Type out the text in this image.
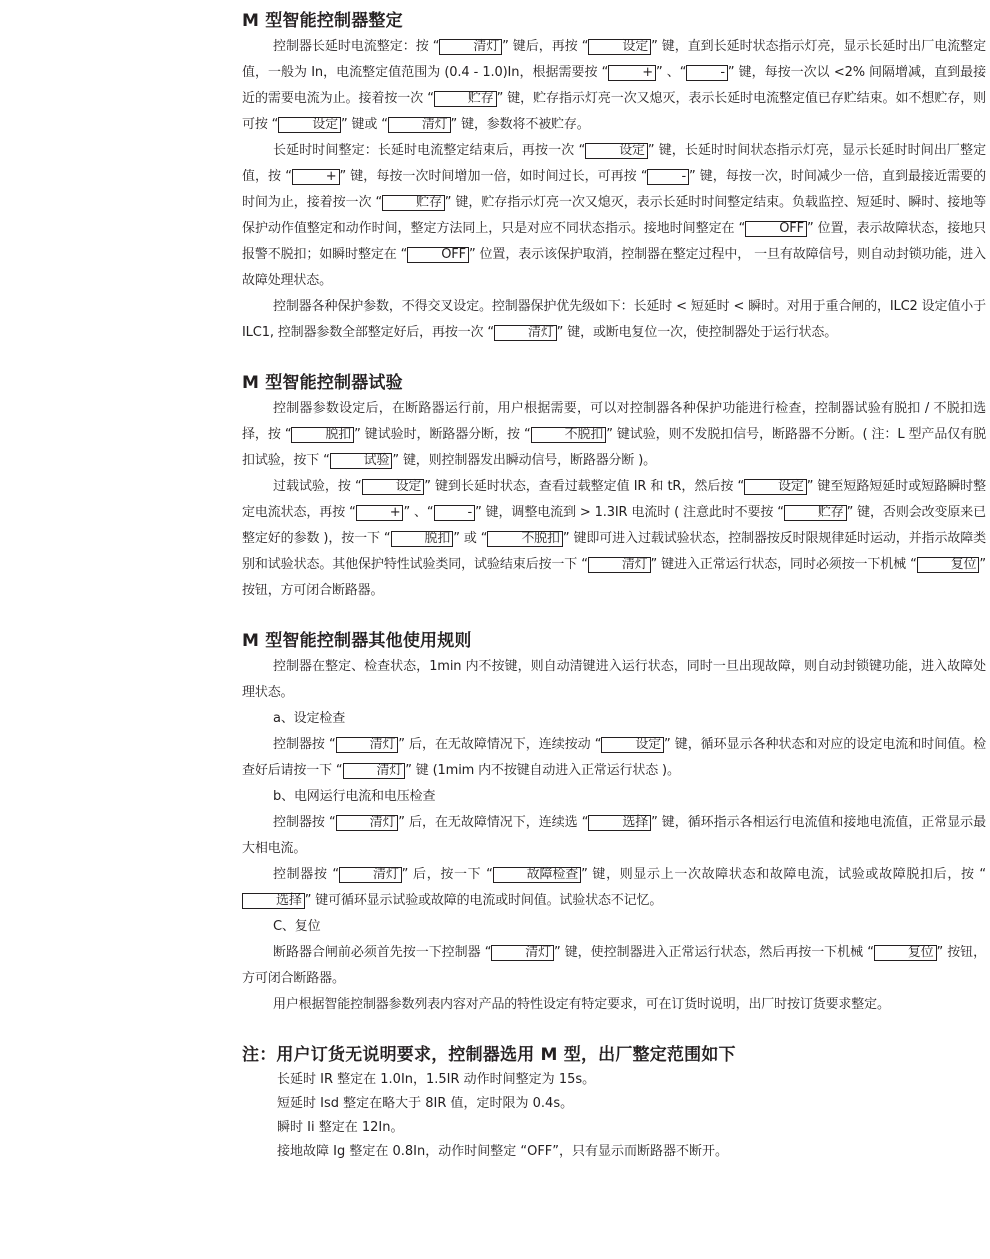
M 型智能控制器整定

控制器长延时电流整定：按 “	清灯 ” 键后，再按 “	设定 ” 键，直到长延时状态指示灯亮，显示长延时出厂电流整定值，一般为 In，电流整定值范围为 (0.4 - 1.0)In，根据需要按 “	+ ” 、“	- ” 键，每按一次以 <2% 间隔增减，直到最接近的需要电流为止。接着按一次 “	贮存 ” 键，贮存指示灯亮一次又熄灭，表示长延时电流整定值已存贮结束。如不想贮存，则可按 “	设定 ” 键或 “	清灯 ” 键，参数将不被贮存。

长延时时间整定：长延时电流整定结束后，再按一次 “	设定 ” 键，长延时时间状态指示灯亮，显示长延时时间出厂整定值，按 “	+ ” 键，每按一次时间增加一倍，如时间过长，可再按 “	- ” 键，每按一次，时间减少一倍，直到最接近需要的时间为止，接着按一次 “	贮存 ” 键，贮存指示灯亮一次又熄灭，表示长延时时间整定结束。负载监控、短延时、瞬时、接地等保护动作值整定和动作时间，整定方法同上，只是对应不同状态指示。接地时间整定在 “	OFF ” 位置，表示故障状态，接地只报警不脱扣；如瞬时整定在 “	OFF ” 位置，表示该保护取消，控制器在整定过程中， 一旦有故障信号，则自动封锁功能，进入故障处理状态。

控制器各种保护参数，不得交叉设定。控制器保护优先级如下：长延时 < 短延时 < 瞬时。对用于重合闸的，ILC2 设定值小于 ILC1, 控制器参数全部整定好后，再按一次 “	清灯 ” 键，或断电复位一次，使控制器处于运行状态。

M 型智能控制器试验

控制器参数设定后，在断路器运行前，用户根据需要，可以对控制器各种保护功能进行检查，控制器试验有脱扣 / 不脱扣选择，按 “	脱扣 ” 键试验时，断路器分断，按 “	不脱扣 ” 键试验，则不发脱扣信号，断路器不分断。( 注：L 型产品仅有脱扣试验，按下 “	试验 ” 键，则控制器发出瞬动信号，断路器分断 )。

过载试验，按 “	设定 ” 键到长延时状态，查看过载整定值 IR 和 tR，然后按 “	设定 ” 键至短路短延时或短路瞬时整定电流状态，再按 “	+ ” 、“	- ” 键，调整电流到 > 1.3IR 电流时 ( 注意此时不要按 “	贮存 ” 键，否则会改变原来已整定好的参数 )，按一下 “	脱扣 ” 或 “	不脱扣 ” 键即可进入过载试验状态，控制器按反时限规律延时运动，并指示故障类别和试验状态。其他保护特性试验类同，试验结束后按一下 “	清灯 ” 键进入正常运行状态，同时必须按一下机械 “	复位 ” 按钮，方可闭合断路器。

M 型智能控制器其他使用规则

控制器在整定、检查状态，1min 内不按键，则自动清键进入运行状态，同时一旦出现故障，则自动封锁键功能，进入故障处理状态。

a、设定检查

控制器按 “	清灯 ” 后，在无故障情况下，连续按动 “	设定 ” 键，循环显示各种状态和对应的设定电流和时间值。检查好后请按一下 “	清灯 ” 键 (1mim 内不按键自动进入正常运行状态 )。

b、电网运行电流和电压检查

控制器按 “	清灯 ” 后，在无故障情况下，连续选 “	选择 ” 键，循环指示各相运行电流值和接地电流值，正常显示最大相电流。

控制器按 “	清灯 ” 后，按一下 “	故障检查 ” 键，则显示上一次故障状态和故障电流，试验或故障脱扣后，按 “选择 ” 键可循环显示试验或故障的电流或时间值。试验状态不记忆。

C、复位

断路器合闸前必须首先按一下控制器 “	清灯 ” 键，使控制器进入正常运行状态，然后再按一下机械 “	复位 ” 按钮，方可闭合断路器。

用户根据智能控制器参数列表内容对产品的特性设定有特定要求，可在订货时说明，出厂时按订货要求整定。

注：用户订货无说明要求，控制器选用 M 型，出厂整定范围如下

长延时 IR 整定在 1.0In，1.5IR 动作时间整定为 15s。

短延时 Isd 整定在略大于 8IR 值，定时限为 0.4s。

瞬时 Ii 整定在 12In。

接地故障 Ig 整定在 0.8In，动作时间整定 “OFF”，只有显示而断路器不断开。
